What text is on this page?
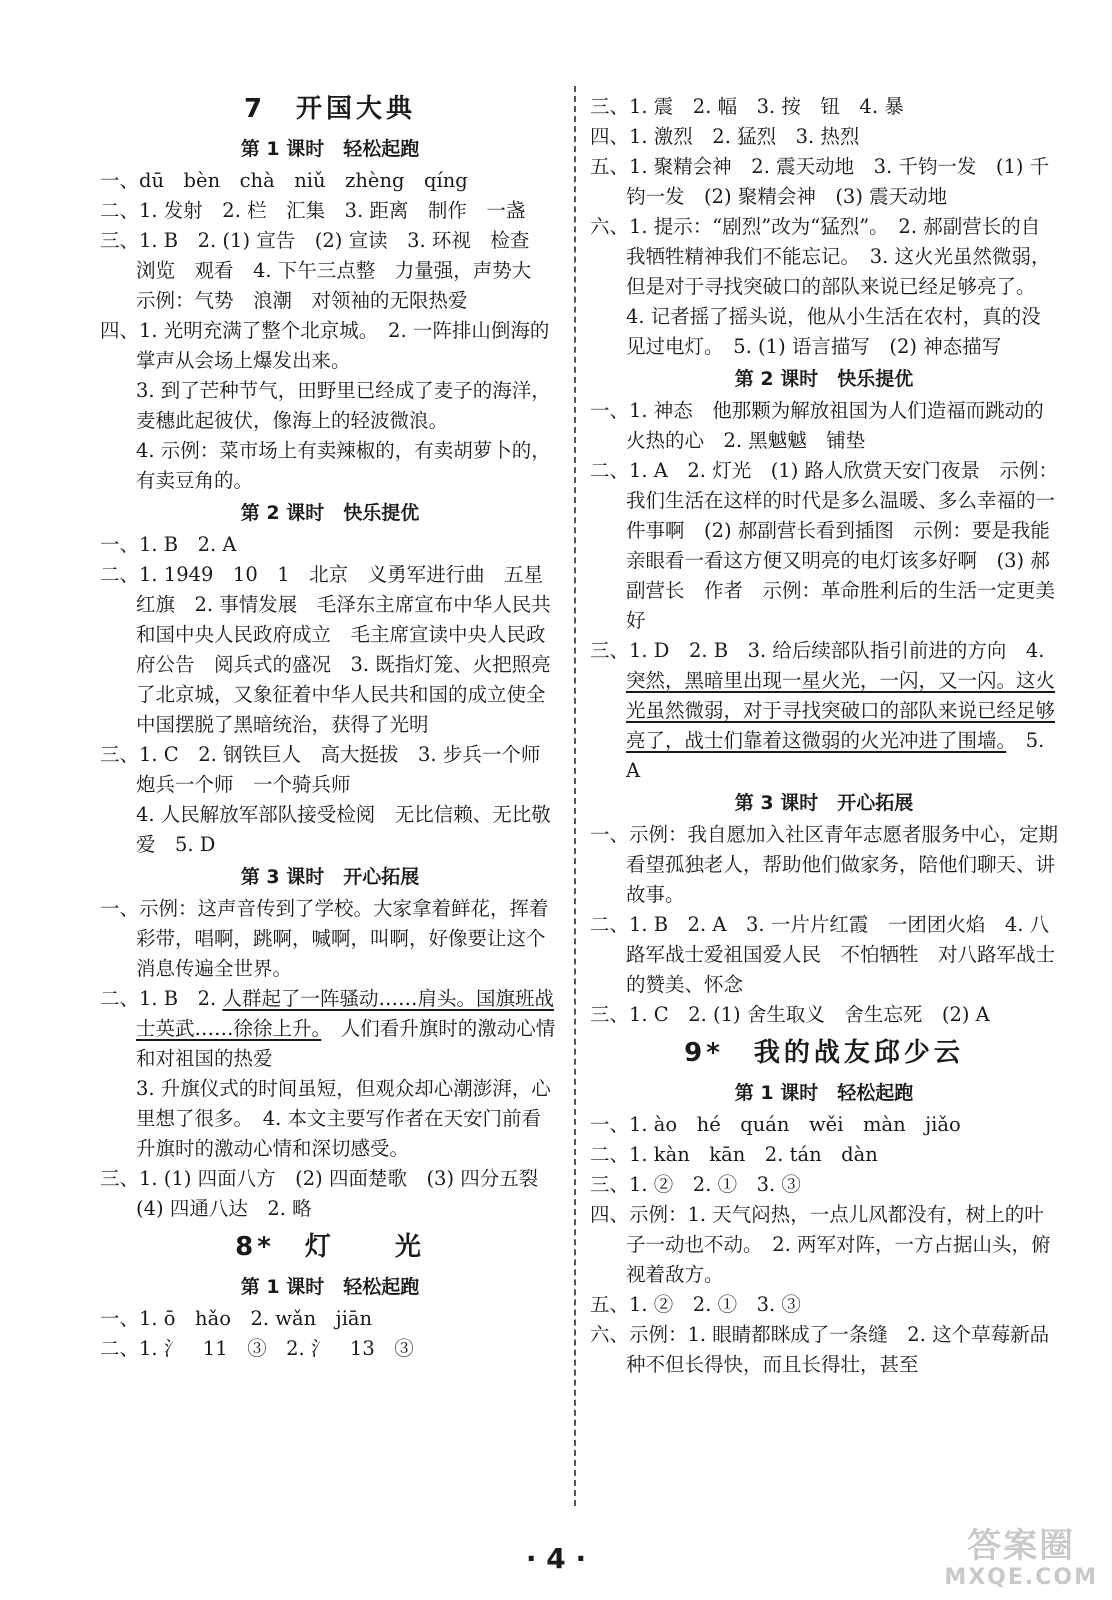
7　开国大典
第 1 课时　轻松起跑
一、dū　bèn　chà　niǔ　zhèng　qíng
二、1. 发射　2. 栏　汇集　3. 距离　制作　一盏
三、1. B　2. (1) 宣告　(2) 宣读　3. 环视　检查　浏览　观看　4. 下午三点整　力量强，声势大　示例：气势　浪潮　对领袖的无限热爱
四、1. 光明充满了整个北京城。　2. 一阵排山倒海的掌声从会场上爆发出来。
3. 到了芒种节气，田野里已经成了麦子的海洋，麦穗此起彼伏，像海上的轻波微浪。
4. 示例：菜市场上有卖辣椒的，有卖胡萝卜的，有卖豆角的。
第 2 课时　快乐提优
一、1. B　2. A
二、1. 1949　10　1　北京　义勇军进行曲　五星红旗　2. 事情发展　毛泽东主席宣布中华人民共和国中央人民政府成立　毛主席宣读中央人民政府公告　阅兵式的盛况　3. 既指灯笼、火把照亮了北京城，又象征着中华人民共和国的成立使全中国摆脱了黑暗统治，获得了光明
三、1. C　2. 钢铁巨人　高大挺拔　3. 步兵一个师　炮兵一个师　一个骑兵师
4. 人民解放军部队接受检阅　无比信赖、无比敬爱　5. D
第 3 课时　开心拓展
一、示例：这声音传到了学校。大家拿着鲜花，挥着彩带，唱啊，跳啊，喊啊，叫啊，好像要让这个消息传遍全世界。
二、1. B　2. 人群起了一阵骚动……肩头。国旗班战士英武……徐徐上升。　人们看升旗时的激动心情和对祖国的热爱
3. 升旗仪式的时间虽短，但观众却心潮澎湃，心里想了很多。　4. 本文主要写作者在天安门前看升旗时的激动心情和深切感受。
三、1. (1) 四面八方　(2) 四面楚歌　(3) 四分五裂　(4) 四通八达　2. 略
8*　灯　　光
第 1 课时　轻松起跑
一、1. ō　hǎo　2. wǎn　jiān
二、1. 氵　11　③　2. 氵　13　③
三、1. 震　2. 幅　3. 按　钮　4. 暴
四、1. 激烈　2. 猛烈　3. 热烈
五、1. 聚精会神　2. 震天动地　3. 千钧一发　(1) 千钧一发　(2) 聚精会神　(3) 震天动地
六、1. 提示：“剧烈”改为“猛烈”。　2. 郝副营长的自我牺牲精神我们不能忘记。　3. 这火光虽然微弱，但是对于寻找突破口的部队来说已经足够亮了。　4. 记者摇了摇头说，他从小生活在农村，真的没见过电灯。　5. (1) 语言描写　(2) 神态描写
第 2 课时　快乐提优
一、1. 神态　他那颗为解放祖国为人们造福而跳动的火热的心　2. 黑魆魆　铺垫
二、1. A　2. 灯光　(1) 路人欣赏天安门夜景　示例：我们生活在这样的时代是多么温暖、多么幸福的一件事啊　(2) 郝副营长看到插图　示例：要是我能亲眼看一看这方便又明亮的电灯该多好啊　(3) 郝副营长　作者　示例：革命胜利后的生活一定更美好
三、1. D　2. B　3. 给后续部队指引前进的方向　4. 突然，黑暗里出现一星火光，一闪，又一闪。这火光虽然微弱，对于寻找突破口的部队来说已经足够亮了，战士们靠着这微弱的火光冲进了围墙。　5. A
第 3 课时　开心拓展
一、示例：我自愿加入社区青年志愿者服务中心，定期看望孤独老人，帮助他们做家务，陪他们聊天、讲故事。
二、1. B　2. A　3. 一片片红霞　一团团火焰　4. 八路军战士爱祖国爱人民　不怕牺牲　对八路军战士的赞美、怀念
三、1. C　2. (1) 舍生取义　舍生忘死　(2) A
9*　我的战友邱少云
第 1 课时　轻松起跑
一、1. ào　hé　quán　wěi　màn　jiǎo
二、1. kàn　kān　2. tán　dàn
三、1. ②　2. ①　3. ③
四、示例：1. 天气闷热，一点儿风都没有，树上的叶子一动也不动。　2. 两军对阵，一方占据山头，俯视着敌方。
五、1. ②　2. ①　3. ③
六、示例：1. 眼睛都眯成了一条缝　2. 这个草莓新品种不但长得快，而且长得壮，甚至
· 4 ·	答案圈
MXQE.COM
